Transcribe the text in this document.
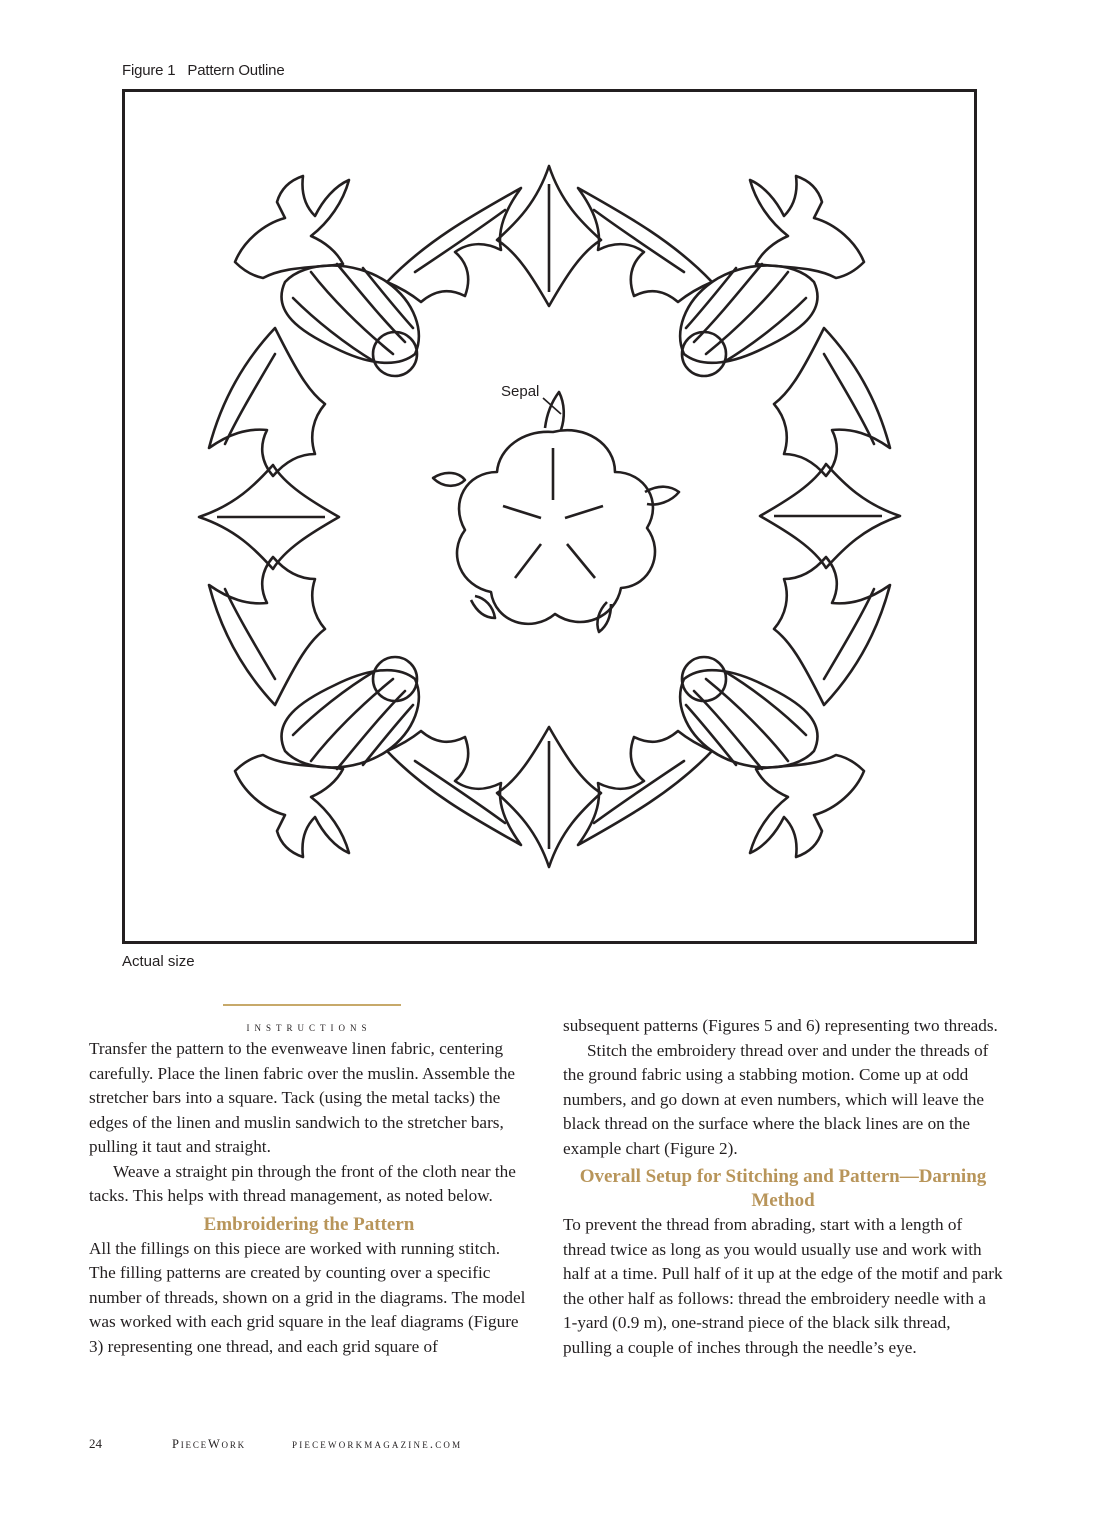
Figure 1 Pattern Outline
Sepal
Actual size

instructions

Transfer the pattern to the evenweave linen fabric, centering carefully. Place the linen fabric over the muslin. Assemble the stretcher bars into a square. Tack (using the metal tacks) the edges of the linen and muslin sandwich to the stretcher bars, pulling it taut and straight.

Weave a straight pin through the front of the cloth near the tacks. This helps with thread management, as noted below.

Embroidering the Pattern

All the fillings on this piece are worked with running stitch. The filling patterns are created by counting over a specific number of threads, shown on a grid in the diagrams. The model was worked with each grid square in the leaf diagrams (Figure 3) representing one thread, and each grid square of

subsequent patterns (Figures 5 and 6) representing two threads.

Stitch the embroidery thread over and under the threads of the ground fabric using a stabbing motion. Come up at odd numbers, and go down at even numbers, which will leave the black thread on the surface where the black lines are on the example chart (Figure 2).

Overall Setup for Stitching and Pattern—Darning Method

To prevent the thread from abrading, start with a length of thread twice as long as you would usually use and work with half at a time. Pull half of it up at the edge of the motif and park the other half as follows: thread the embroidery needle with a 1-yard (0.9 m), one-strand piece of the black silk thread, pulling a couple of inches through the needle’s eye.

24	PieceWork	pieceworkmagazine.com
